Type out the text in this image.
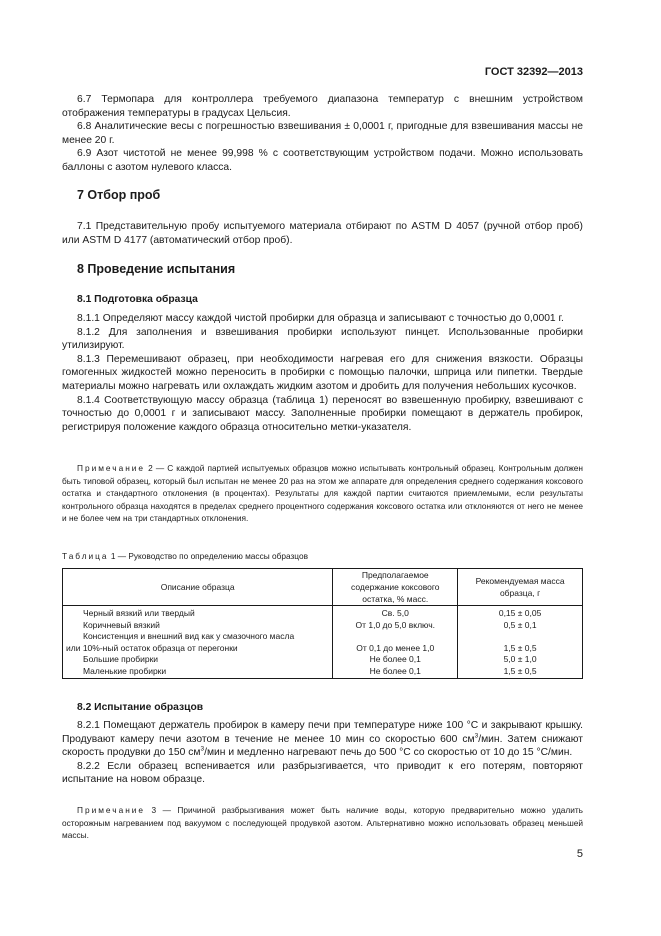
ГОСТ 32392—2013

6.7 Термопара для контроллера требуемого диапазона температур с внешним устройством отображения температуры в градусах Цельсия.

6.8 Аналитические весы с погрешностью взвешивания ± 0,0001 г, пригодные для взвешивания массы не менее 20 г.

6.9 Азот чистотой не менее 99,998 % с соответствующим устройством подачи. Можно использовать баллоны с азотом нулевого класса.

7 Отбор проб

7.1 Представительную пробу испытуемого материала отбирают по ASTM D 4057 (ручной отбор проб) или ASTM D 4177 (автоматический отбор проб).

8 Проведение испытания
8.1 Подготовка образца

8.1.1 Определяют массу каждой чистой пробирки для образца и записывают с точностью до 0,0001 г.

8.1.2 Для заполнения и взвешивания пробирки используют пинцет. Использованные пробирки утилизируют.

8.1.3 Перемешивают образец, при необходимости нагревая его для снижения вязкости. Образцы гомогенных жидкостей можно переносить в пробирки с помощью палочки, шприца или пипетки. Твердые материалы можно нагревать или охлаждать жидким азотом и дробить для получения небольших кусочков.

8.1.4 Соответствующую массу образца (таблица 1) переносят во взвешенную пробирку, взвешивают с точностью до 0,0001 г и записывают массу. Заполненные пробирки помещают в держатель пробирок, регистрируя положение каждого образца относительно метки-указателя.

Примечание 2 — С каждой партией испытуемых образцов можно испытывать контрольный образец. Контрольным должен быть типовой образец, который был испытан не менее 20 раз на этом же аппарате для определения среднего содержания коксового остатка и стандартного отклонения (в процентах). Результаты для каждой партии считаются приемлемыми, если результаты контрольного образца находятся в пределах среднего процентного содержания коксового остатка или отклоняются от него не менее и не более чем на три стандартных отклонения.
Таблица 1 — Руководство по определению массы образцов
Описание образца	Предполагаемое содержание коксового остатка, % масс.	Рекомендуемая масса образца, г
Черный вязкий или твердый	Св. 5,0	0,15 ± 0,05
Коричневый вязкий	От 1,0 до 5,0 включ.	0,5 ± 0,1
Консистенция и внешний вид как у смазочного масла		
или 10%-ный остаток образца от перегонки	От 0,1 до менее 1,0	1,5 ± 0,5
Большие пробирки	Не более 0,1	5,0 ± 1,0
Маленькие пробирки	Не более 0,1	1,5 ± 0,5
8.2 Испытание образцов

8.2.1 Помещают держатель пробирок в камеру печи при температуре ниже 100 °C и закрывают крышку. Продувают камеру печи азотом в течение не менее 10 мин со скоростью 600 $см^3$/мин. Затем снижают скорость продувки до 150 $см^3$/мин и медленно нагревают печь до 500 °C со скоростью от 10 до 15 °C/мин.

8.2.2 Если образец вспенивается или разбрызгивается, что приводит к его потерям, повторяют испытание на новом образце.

Примечание 3 — Причиной разбрызгивания может быть наличие воды, которую предварительно можно удалить осторожным нагреванием под вакуумом с последующей продувкой азотом. Альтернативно можно использовать образец меньшей массы.
5
